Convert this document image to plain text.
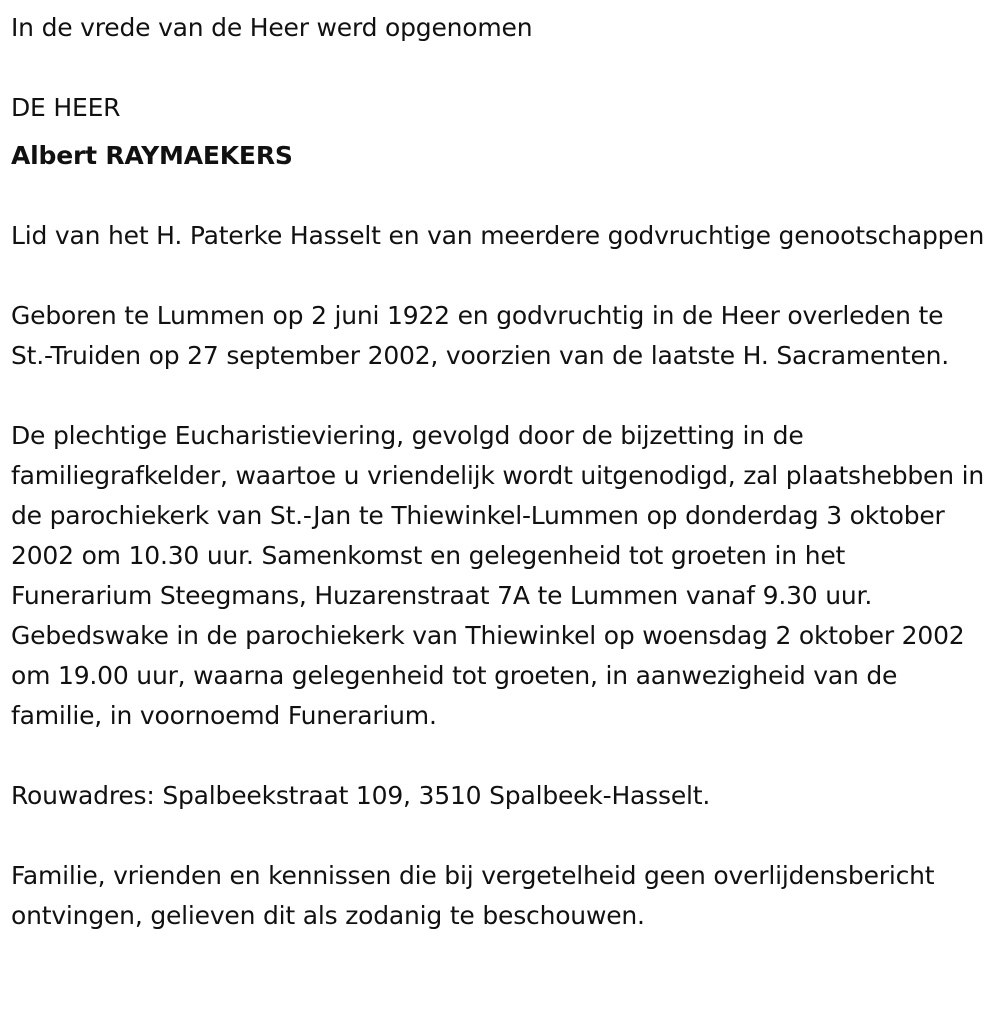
In de vrede van de Heer werd opgenomen
DE HEER
Albert RAYMAEKERS
Lid van het H. Paterke Hasselt en van meerdere godvruchtige genootschappen
Geboren te Lummen op 2 juni 1922 en godvruchtig in de Heer overleden te St.-Truiden op 27 september 2002, voorzien van de laatste H. Sacramenten.
De plechtige Eucharistieviering, gevolgd door de bijzetting in de familiegrafkelder, waartoe u vriendelijk wordt uitgenodigd, zal plaatshebben in de parochiekerk van St.-Jan te Thiewinkel-Lummen op donderdag 3 oktober 2002 om 10.30 uur. Samenkomst en gelegenheid tot groeten in het Funerarium Steegmans, Huzarenstraat 7A te Lummen vanaf 9.30 uur. Gebedswake in de parochiekerk van Thiewinkel op woensdag 2 oktober 2002 om 19.00 uur, waarna gelegenheid tot groeten, in aanwezigheid van de familie, in voornoemd Funerarium.
Rouwadres: Spalbeekstraat 109, 3510 Spalbeek-Hasselt.
Familie, vrienden en kennissen die bij vergetelheid geen overlijdensbericht ontvingen, gelieven dit als zodanig te beschouwen.
